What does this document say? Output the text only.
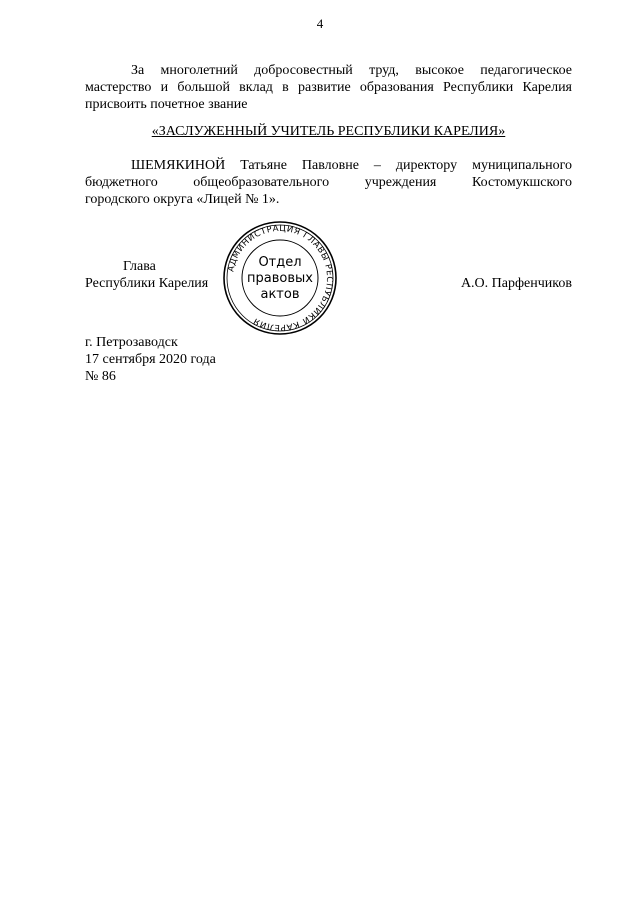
4
За многолетний добросовестный труд, высокое педагогическое
мастерство и большой вклад в развитие образования Республики Карелия
присвоить почетное звание
«ЗАСЛУЖЕННЫЙ УЧИТЕЛЬ РЕСПУБЛИКИ КАРЕЛИЯ»
ШЕМЯКИНОЙ Татьяне Павловне – директору муниципального
бюджетного общеобразовательного учреждения Костомукшского
городского округа «Лицей № 1».
Глава
Республики Карелия
АДМИНИСТРАЦИЯ ГЛАВЫ РЕСПУБЛИКИ КАРЕЛИЯ
Отдел
правовых
актов
А.О. Парфенчиков
г. Петрозаводск
17 сентября 2020 года
№ 86
